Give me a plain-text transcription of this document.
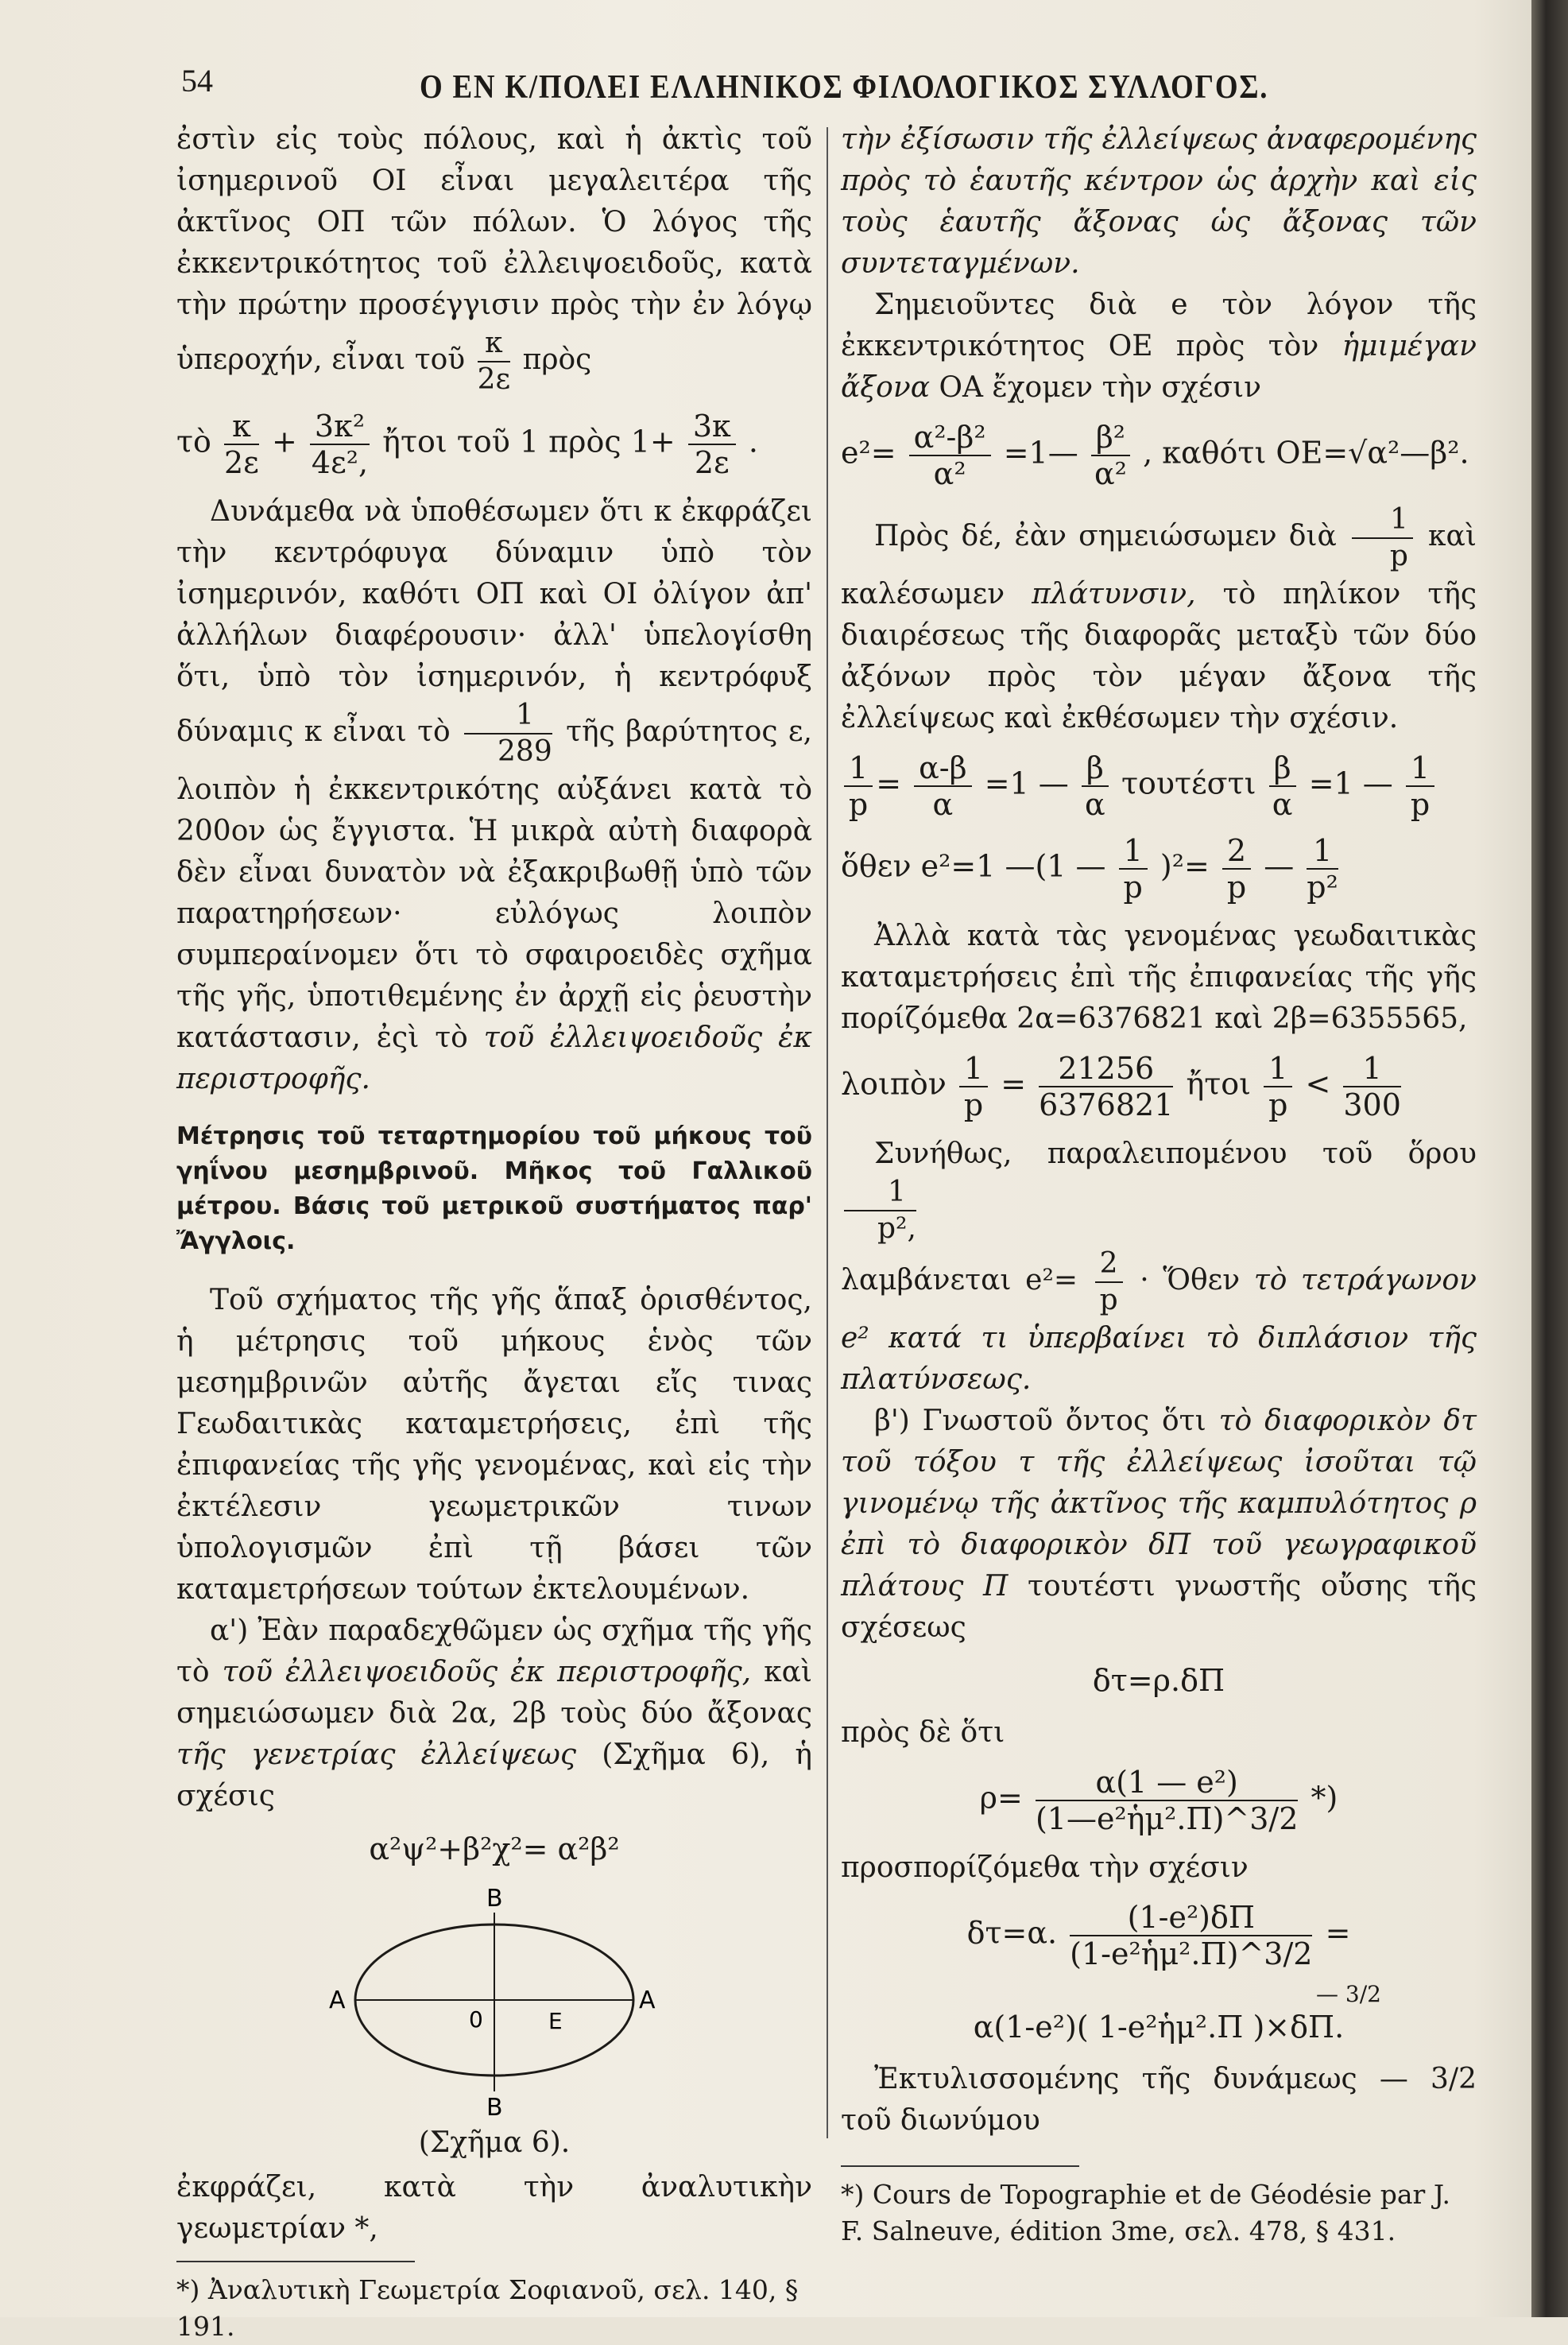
54	Ο ΕΝ Κ/ΠΟΛΕΙ ΕΛΛΗΝΙΚΟΣ ΦΙΛΟΛΟΓΙΚΟΣ ΣΥΛΛΟΓΟΣ.

ἐστὶν εἰς τοὺς πόλους, καὶ ἡ ἀκτὶς τοῦ ἰσημερινοῦ ΟΙ εἶναι μεγαλειτέρα τῆς ἀκτῖνος ΟΠ τῶν πόλων. Ὁ λόγος τῆς ἐκκεντρικότητος τοῦ ἐλλειψοειδοῦς, κατὰ τὴν πρώτην προσέγγισιν πρὸς τὴν ἐν λόγῳ ὑπεροχήν, εἶναι τοῦ $\frac{\kappa}{2\varepsilon}$ πρὸς

τὸ $\frac{\kappa}{2\varepsilon} + \frac{\text{3κ²}}{\text{4ε²,}}$ ἤτοι τοῦ 1 πρὸς $1+ \frac{3\kappa}{2\varepsilon}$ .

Δυνάμεθα νὰ ὑποθέσωμεν ὅτι κ ἐκφράζει τὴν κεντρόφυγα δύναμιν ὑπὸ τὸν ἰσημερινόν, καθότι ΟΠ καὶ ΟΙ ὀλίγον ἀπ' ἀλλήλων διαφέρουσιν· ἀλλ' ὑπελογίσθη ὅτι, ὑπὸ τὸν ἰσημερινόν, ἡ κεντρόφυξ δύναμις κ εἶναι τὸ $\frac{1}{289}$ τῆς βαρύτητος ε, λοιπὸν ἡ ἐκκεντρικότης αὐξάνει κατὰ τὸ 200ον ὡς ἔγγιστα. Ἡ μικρὰ αὐτὴ διαφορὰ δὲν εἶναι δυνατὸν νὰ ἐξακριβωθῇ ὑπὸ τῶν παρατηρήσεων· εὐλόγως λοιπὸν συμπεραίνομεν ὅτι τὸ σφαιροειδὲς σχῆμα τῆς γῆς, ὑποτιθεμένης ἐν ἀρχῇ εἰς ῥευστὴν κατάστασιν, ἐςὶ τὸ τοῦ ἐλλειψοειδοῦς ἐκ περιστροφῆς.

Μέτρησις τοῦ τεταρτημορίου τοῦ μήκους τοῦ γηΐνου μεσημβρινοῦ. Μῆκος τοῦ Γαλλικοῦ μέτρου. Βάσις τοῦ μετρικοῦ συστήματος παρ' Ἄγγλοις.

Τοῦ σχήματος τῆς γῆς ἅπαξ ὁρισθέντος, ἡ μέτρησις τοῦ μήκους ἑνὸς τῶν μεσημβρινῶν αὐτῆς ἄγεται εἴς τινας Γεωδαιτικὰς καταμετρήσεις, ἐπὶ τῆς ἐπιφανείας τῆς γῆς γενομένας, καὶ εἰς τὴν ἐκτέλεσιν γεωμετρικῶν τινων ὑπολογισμῶν ἐπὶ τῇ βάσει τῶν καταμετρήσεων τούτων ἐκτελουμένων.

α') Ἐὰν παραδεχθῶμεν ὡς σχῆμα τῆς γῆς τὸ τοῦ ἐλλειψοειδοῦς ἐκ περιστροφῆς, καὶ σημειώσωμεν διὰ 2α, 2β τοὺς δύο ἄξονας τῆς γενετρίας ἐλλείψεως (Σχῆμα 6), ἡ σχέσις

α²ψ²+β²χ²= α²β²
B
B
A	A
0	E
(Σχῆμα 6).

ἐκφράζει, κατὰ τὴν ἀναλυτικὴν γεωμετρίαν *,

*) Ἀναλυτικὴ Γεωμετρία Σοφιανοῦ, σελ. 140, § 191.

τὴν ἐξίσωσιν τῆς ἐλλείψεως ἀναφερομένης πρὸς τὸ ἑαυτῆς κέντρον ὡς ἀρχὴν καὶ εἰς τοὺς ἑαυτῆς ἄξονας ὡς ἄξονας τῶν συντεταγμένων.

Σημειοῦντες διὰ e τὸν λόγον τῆς ἐκκεντρικότητος ΟΕ πρὸς τὸν ἡμιμέγαν ἄξονα ΟΑ ἔχομεν τὴν σχέσιν

$e^2= \frac{\text{α²-β²}}{\text{α²}}$ =1— $\frac{\text{β²}}{\text{α²}}$ , καθότι ΟΕ=√α²—β².

Πρὸς δέ, ἐὰν σημειώσωμεν διὰ $\frac{1}{p}$ καὶ καλέσωμεν πλάτυνσιν, τὸ πηλίκον τῆς διαιρέσεως τῆς διαφορᾶς μεταξὺ τῶν δύο ἀξόνων πρὸς τὸν μέγαν ἄξονα τῆς ἐλλείψεως καὶ ἐκθέσωμεν τὴν σχέσιν.

$\frac{1}{p} = \frac{\alpha-\beta}{\alpha} =1$ — $\frac{\beta}{\alpha}$ τουτέστι $\frac{\beta}{\alpha} =1$ — $\frac{1}{p}$
ὅθεν e²=1 —(1 — $\frac{1}{p} )^2= \frac{2}{p}$ — $\frac{1}{\text{p²}}$

Ἀλλὰ κατὰ τὰς γενομένας γεωδαιτικὰς καταμετρήσεις ἐπὶ τῆς ἐπιφανείας τῆς γῆς πορίζόμεθα 2α=6376821 καὶ 2β=6355565,

λοιπὸν $\frac{1}{p} = \frac{21256}{6376821}$ ἤτοι $\frac{1}{p} < \frac{1}{300}$

Συνήθως, παραλειπομένου τοῦ ὅρου
$\frac{1}{\text{p²,}}$

λαμβάνεται $e^2= \frac{2}{p}$ · Ὅθεν τὸ τετράγωνον e² κατά τι ὑπερβαίνει τὸ διπλάσιον τῆς πλατύνσεως.

β') Γνωστοῦ ὄντος ὅτι τὸ διαφορικὸν δτ τοῦ τόξου τ τῆς ἐλλείψεως ἰσοῦται τῷ γινομένῳ τῆς ἀκτῖνος τῆς καμπυλότητος ρ ἐπὶ τὸ διαφορικὸν δΠ τοῦ γεωγραφικοῦ πλάτους Π τουτέστι γνωστῆς οὔσης τῆς σχέσεως

δτ=ρ.δΠ

πρὸς δὲ ὅτι

$\rho= \frac{\text{α(1 — e²)}}{\text{(1—e²ἡμ².Π)\textasciicircum{}3/2}}$ *)

προσπορίζόμεθα τὴν σχέσιν

δτ=α. $\frac{\text{(1-e²)δΠ}}{\text{(1-e²ἡμ².Π)\textasciicircum{}3/2}}$ =
— 3/2
α(1-e²)( 1-e²ἡμ².Π )×δΠ.

Ἐκτυλισσομένης τῆς δυνάμεως — 3/2 τοῦ διωνύμου

*) Cours de Topographie et de Géodésie par J. F. Salneuve, édition 3me, σελ. 478, § 431.
